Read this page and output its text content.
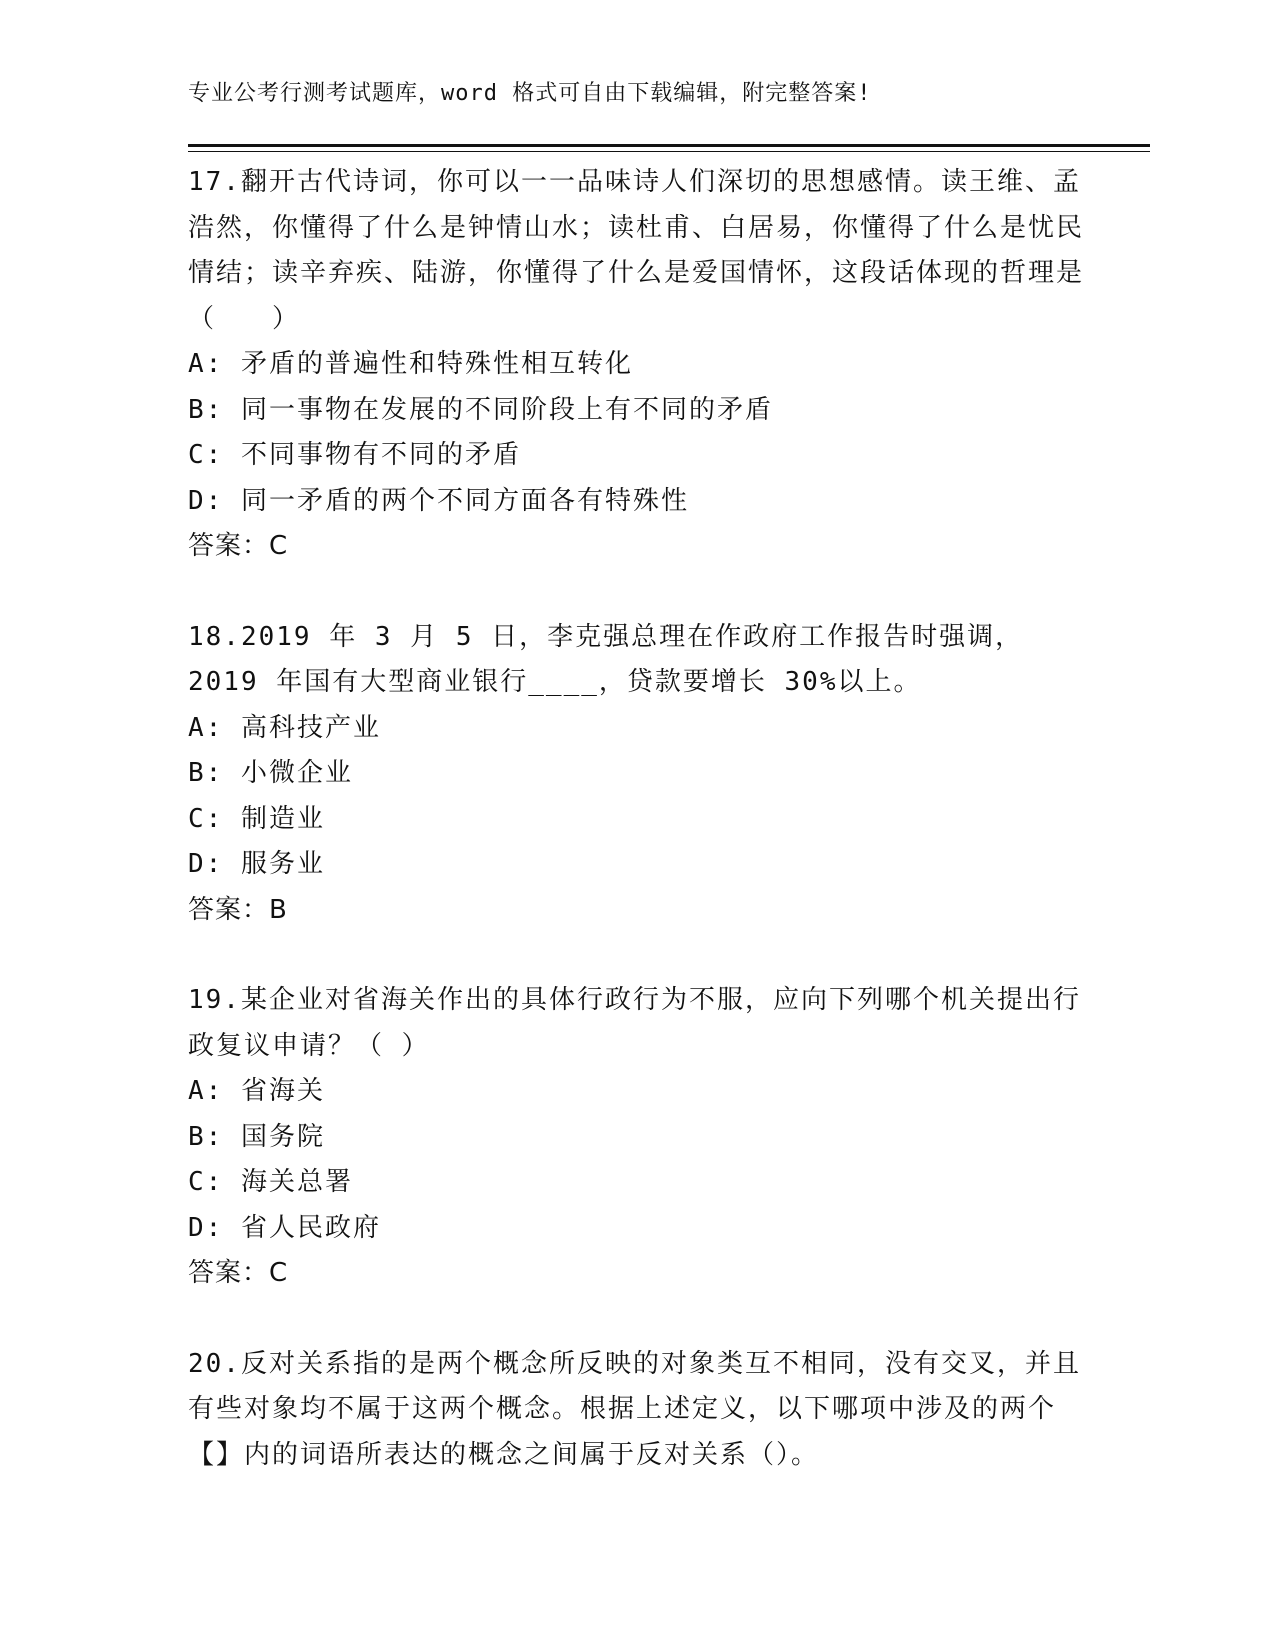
专业公考行测考试题库，word 格式可自由下载编辑，附完整答案!

17.翻开古代诗词，你可以一一品味诗人们深切的思想感情。读王维、孟浩然，你懂得了什么是钟情山水；读杜甫、白居易，你懂得了什么是忧民情结；读辛弃疾、陆游，你懂得了什么是爱国情怀，这段话体现的哲理是（　　）

A: 矛盾的普遍性和特殊性相互转化

B: 同一事物在发展的不同阶段上有不同的矛盾

C: 不同事物有不同的矛盾

D: 同一矛盾的两个不同方面各有特殊性

答案：C

18.2019 年 3 月 5 日，李克强总理在作政府工作报告时强调，2019 年国有大型商业银行____，贷款要增长 30%以上。

A: 高科技产业

B: 小微企业

C: 制造业

D: 服务业

答案：B

19.某企业对省海关作出的具体行政行为不服，应向下列哪个机关提出行政复议申请？（ ）

A: 省海关

B: 国务院

C: 海关总署

D: 省人民政府

答案：C

20.反对关系指的是两个概念所反映的对象类互不相同，没有交叉，并且有些对象均不属于这两个概念。根据上述定义，以下哪项中涉及的两个【】内的词语所表达的概念之间属于反对关系（）。
